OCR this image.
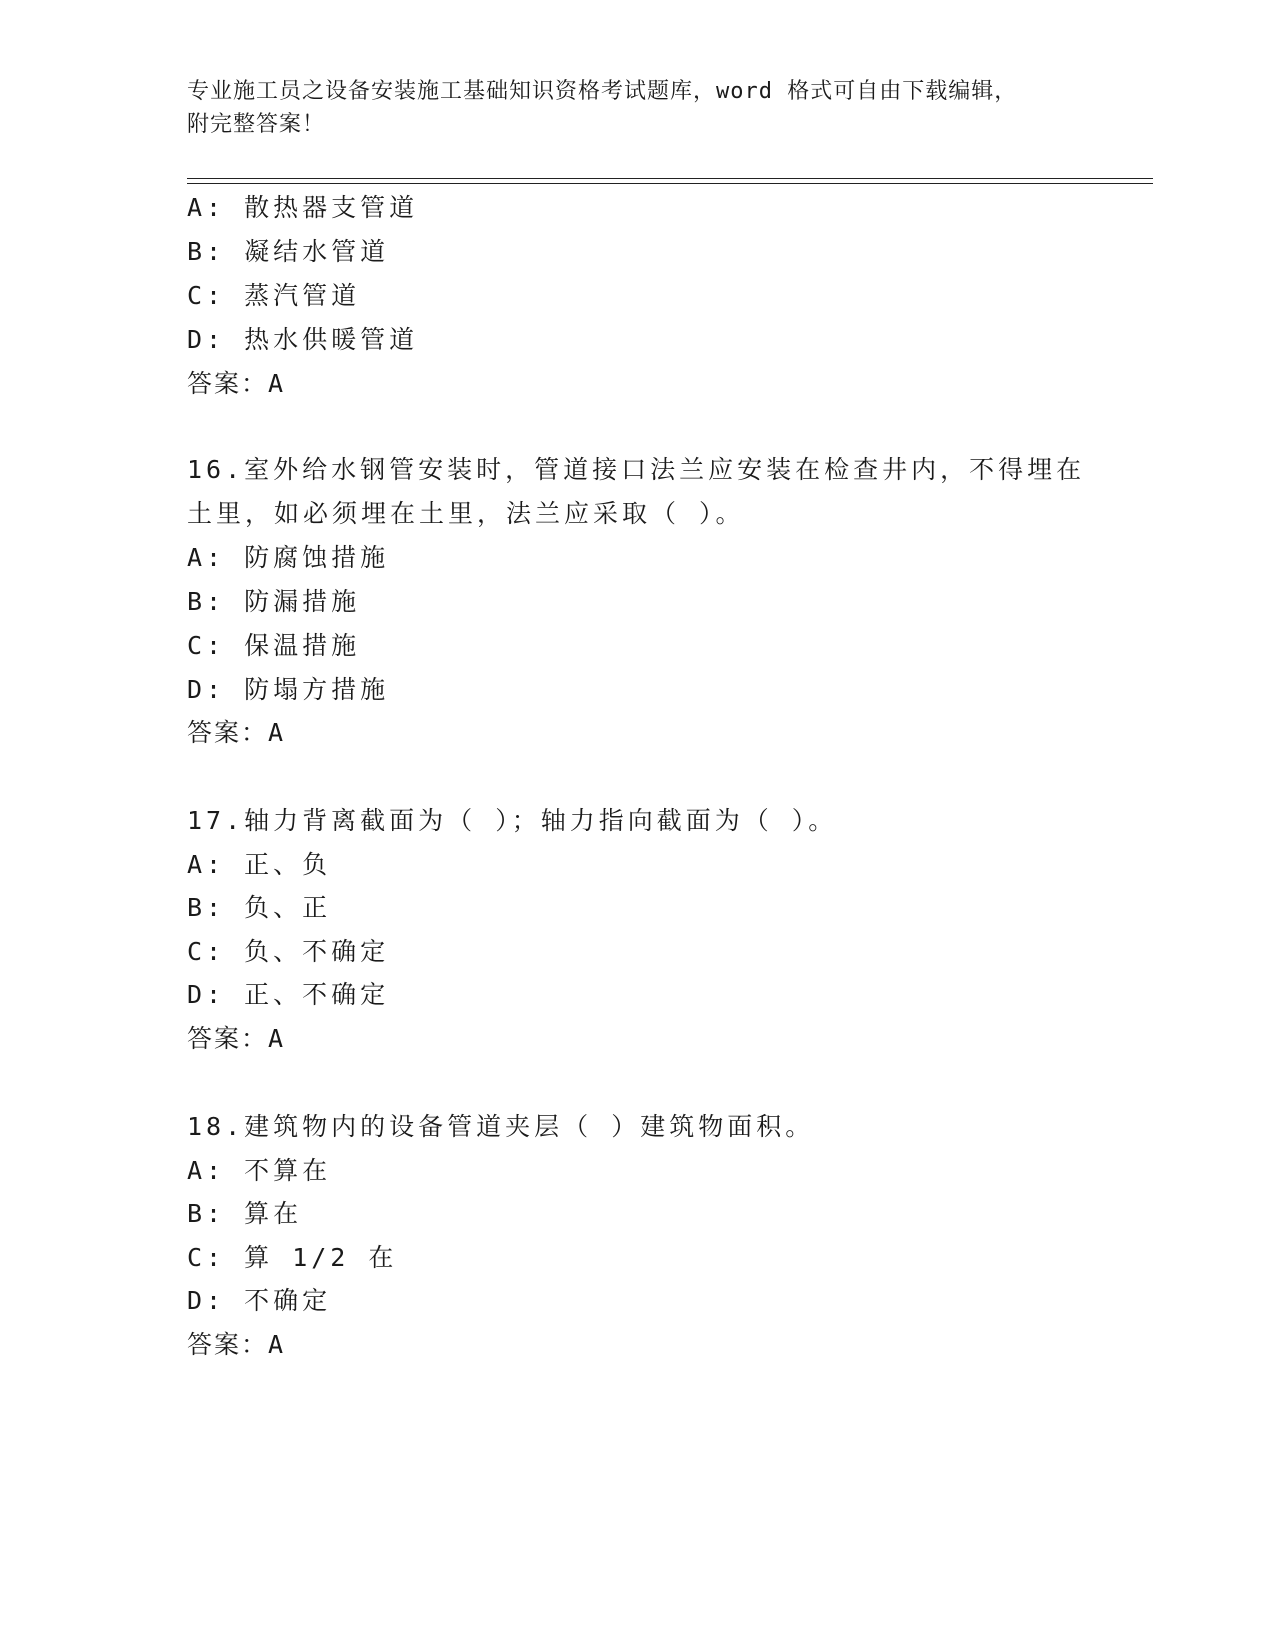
专业施工员之设备安装施工基础知识资格考试题库，word 格式可自由下载编辑，
附完整答案！
A: 散热器支管道
B: 凝结水管道
C: 蒸汽管道
D: 热水供暖管道
答案：A
16.室外给水钢管安装时，管道接口法兰应安装在检查井内，不得埋在
土里，如必须埋在土里，法兰应采取（ ）。
A: 防腐蚀措施
B: 防漏措施
C: 保温措施
D: 防塌方措施
答案：A
17.轴力背离截面为（ ）；轴力指向截面为（ ）。
A: 正、负
B: 负、正
C: 负、不确定
D: 正、不确定
答案：A
18.建筑物内的设备管道夹层（ ）建筑物面积。
A: 不算在
B: 算在
C: 算 1/2 在
D: 不确定
答案：A
